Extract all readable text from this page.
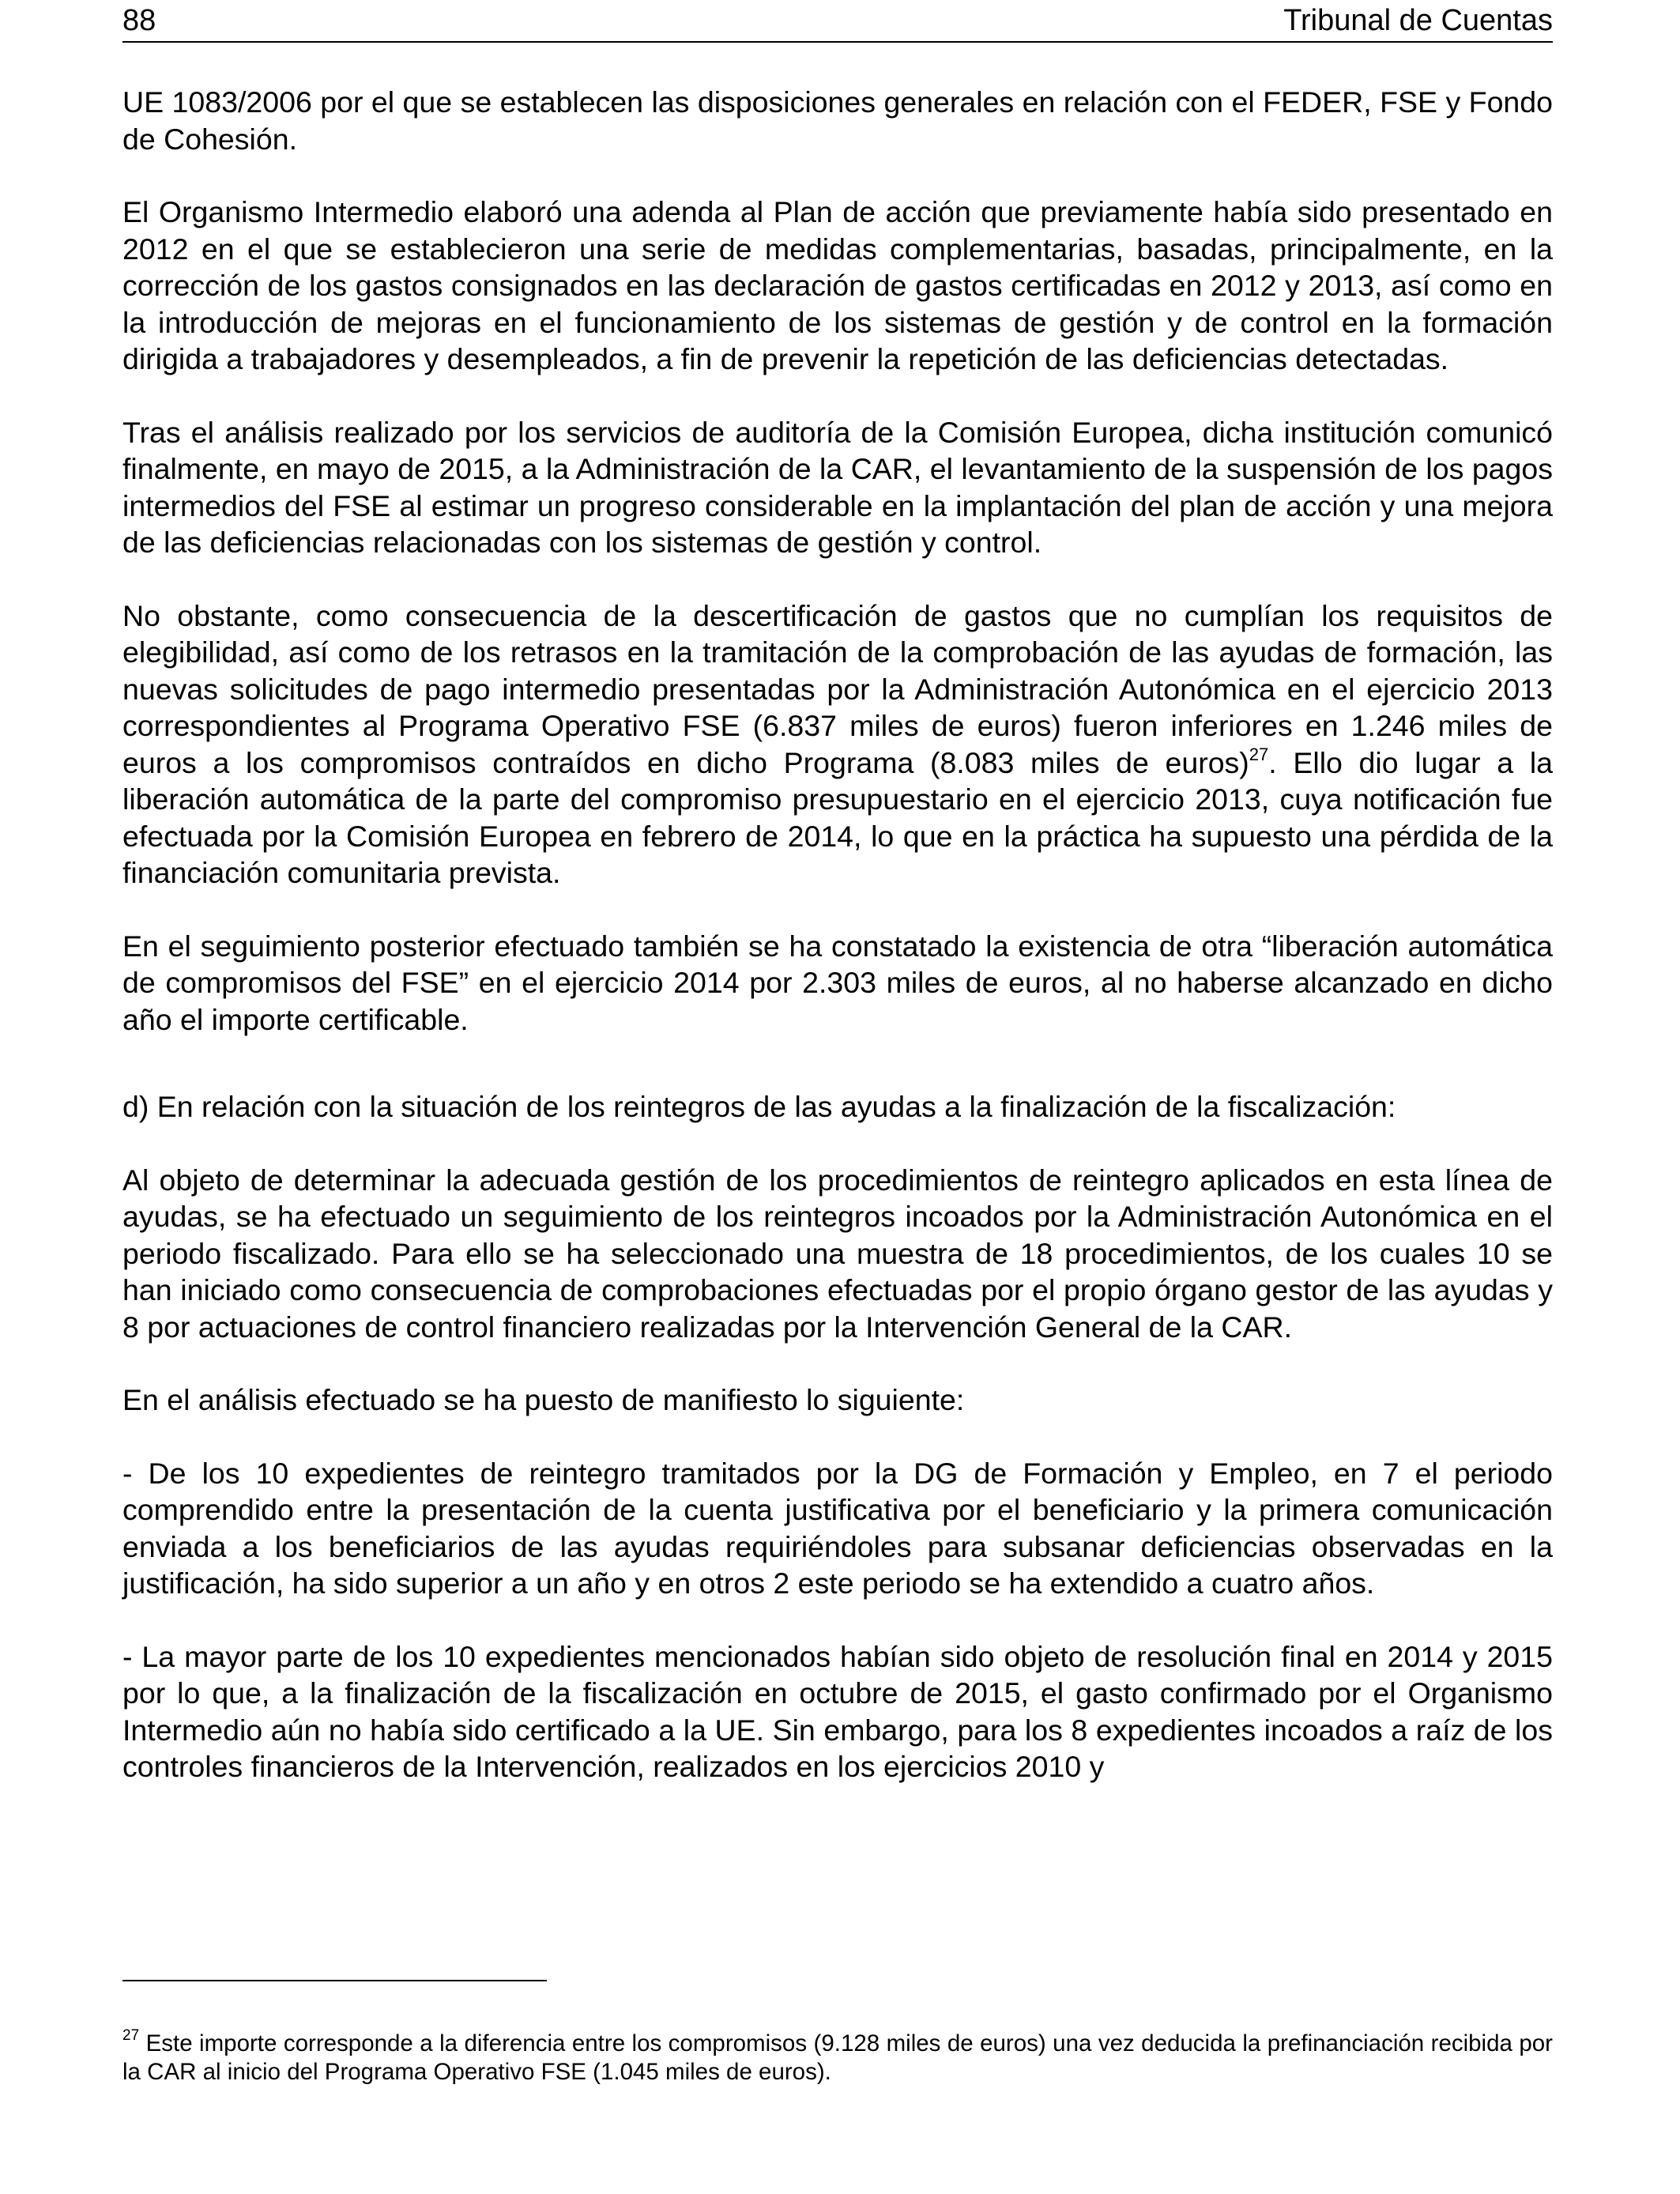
88	Tribunal de Cuentas

UE 1083/2006 por el que se establecen las disposiciones generales en relación con el FEDER, FSE y Fondo de Cohesión.

El Organismo Intermedio elaboró una adenda al Plan de acción que previamente había sido presentado en 2012 en el que se establecieron una serie de medidas complementarias, basadas, principalmente, en la corrección de los gastos consignados en las declaración de gastos certificadas en 2012 y 2013, así como en la introducción de mejoras en el funcionamiento de los sistemas de gestión y de control en la formación dirigida a trabajadores y desempleados, a fin de prevenir la repetición de las deficiencias detectadas.

Tras el análisis realizado por los servicios de auditoría de la Comisión Europea, dicha institución comunicó finalmente, en mayo de 2015, a la Administración de la CAR, el levantamiento de la suspensión de los pagos intermedios del FSE al estimar un progreso considerable en la implantación del plan de acción y una mejora de las deficiencias relacionadas con los sistemas de gestión y control.

No obstante, como consecuencia de la descertificación de gastos que no cumplían los requisitos de elegibilidad, así como de los retrasos en la tramitación de la comprobación de las ayudas de formación, las nuevas solicitudes de pago intermedio presentadas por la Administración Autonómica en el ejercicio 2013 correspondientes al Programa Operativo FSE (6.837 miles de euros) fueron inferiores en 1.246 miles de euros a los compromisos contraídos en dicho Programa (8.083 miles de euros)$^{27}$. Ello dio lugar a la liberación automática de la parte del compromiso presupuestario en el ejercicio 2013, cuya notificación fue efectuada por la Comisión Europea en febrero de 2014, lo que en la práctica ha supuesto una pérdida de la financiación comunitaria prevista.

En el seguimiento posterior efectuado también se ha constatado la existencia de otra “liberación automática de compromisos del FSE” en el ejercicio 2014 por 2.303 miles de euros, al no haberse alcanzado en dicho año el importe certificable.

d) En relación con la situación de los reintegros de las ayudas a la finalización de la fiscalización:

Al objeto de determinar la adecuada gestión de los procedimientos de reintegro aplicados en esta línea de ayudas, se ha efectuado un seguimiento de los reintegros incoados por la Administración Autonómica en el periodo fiscalizado. Para ello se ha seleccionado una muestra de 18 procedimientos, de los cuales 10 se han iniciado como consecuencia de comprobaciones efectuadas por el propio órgano gestor de las ayudas y 8 por actuaciones de control financiero realizadas por la Intervención General de la CAR.

En el análisis efectuado se ha puesto de manifiesto lo siguiente:

- De los 10 expedientes de reintegro tramitados por la DG de Formación y Empleo, en 7 el periodo comprendido entre la presentación de la cuenta justificativa por el beneficiario y la primera comunicación enviada a los beneficiarios de las ayudas requiriéndoles para subsanar deficiencias observadas en la justificación, ha sido superior a un año y en otros 2 este periodo se ha extendido a cuatro años.

- La mayor parte de los 10 expedientes mencionados habían sido objeto de resolución final en 2014 y 2015 por lo que, a la finalización de la fiscalización en octubre de 2015, el gasto confirmado por el Organismo Intermedio aún no había sido certificado a la UE. Sin embargo, para los 8 expedientes incoados a raíz de los controles financieros de la Intervención, realizados en los ejercicios 2010 y

$^{27}$ Este importe corresponde a la diferencia entre los compromisos (9.128 miles de euros) una vez deducida la prefinanciación recibida por la CAR al inicio del Programa Operativo FSE (1.045 miles de euros).
